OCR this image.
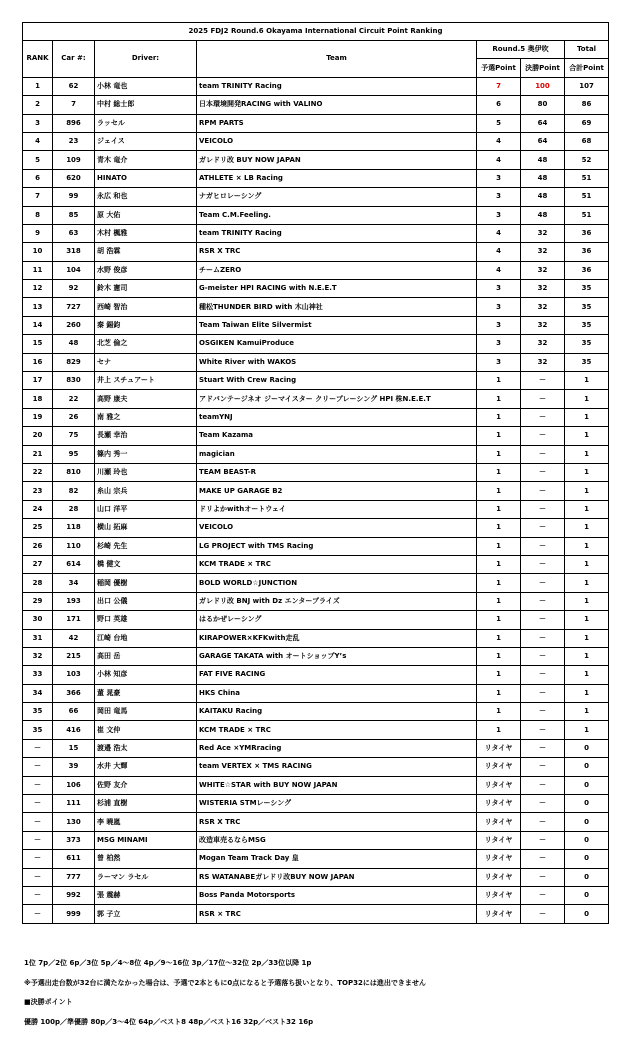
2025 FDJ2 Round.6 Okayama International Circuit Point Ranking						
RANK	Car #:	Driver:	Team	Round.5 奥伊吹		Total
				予選Point	決勝Point	合計Point
1	62	小林 竜也	team TRINITY Racing	7	100	107
2	7	中村 総士郎	日本環境開発RACING with VALINO	6	80	86
3	896	ラッセル	RPM PARTS	5	64	69
4	23	ジェイス	VEICOLO	4	64	68
5	109	青木 竜介	ガレドリ改 BUY NOW JAPAN	4	48	52
6	620	HINATO	ATHLETE × LB Racing	3	48	51
7	99	永広 和也	ナガヒロレーシング	3	48	51
8	85	原 大佑	Team C.M.Feeling.	3	48	51
9	63	木村 楓雅	team TRINITY Racing	4	32	36
10	318	胡 浩霖	RSR X TRC	4	32	36
11	104	水野 俊彦	チームZERO	4	32	36
12	92	鈴木 憲司	G-meister HPI RACING with N.E.E.T	3	32	35
13	727	西崎 智治	種松THUNDER BIRD with 木山神社	3	32	35
14	260	秦 錫鈞	Team Taiwan Elite Silvermist	3	32	35
15	48	北芝 倫之	OSGIKEN KamuiProduce	3	32	35
16	829	セナ	White River with WAKOS	3	32	35
17	830	井上 スチュアート	Stuart With Crew Racing	1	－	1
18	22	高野 康夫	アドバンテージネオ ジーマイスター クリープレーシング HPI 株N.E.E.T	1	－	1
19	26	南 雅之	teamYNJ	1	－	1
20	75	長瀬 幸治	Team Kazama	1	－	1
21	95	篠内 秀一	magician	1	－	1
22	810	川瀬 玲也	TEAM BEAST-R	1	－	1
23	82	糸山 宗兵	MAKE UP GARAGE B2	1	－	1
24	28	山口 洋平	ドリよかwithオートウェイ	1	－	1
25	118	横山 拓麻	VEICOLO	1	－	1
26	110	杉崎 先生	LG PROJECT with TMS Racing	1	－	1
27	614	橋 健文	KCM TRADE × TRC	1	－	1
28	34	稲岡 優樹	BOLD WORLD☆JUNCTION	1	－	1
29	193	出口 公儀	ガレドリ改 BNJ with Dz エンタープライズ	1	－	1
30	171	野口 英雄	はるかぜレーシング	1	－	1
31	42	江崎 台地	KIRAPOWER×KFKwith走乱	1	－	1
32	215	高田 岳	GARAGE TAKATA with オートショップY’s	1	－	1
33	103	小林 知彦	FAT FIVE RACING	1	－	1
34	366	董 晁豪	HKS China	1	－	1
35	66	岡田 竜馬	KAITAKU Racing	1	－	1
35	416	崔 文仲	KCM TRADE × TRC	1	－	1
－	15	渡邉 浩太	Red Ace ×YMRracing	リタイヤ	－	0
－	39	水井 大輝	team VERTEX × TMS RACING	リタイヤ	－	0
－	106	佐野 友介	WHITE☆STAR with BUY NOW JAPAN	リタイヤ	－	0
－	111	杉浦 直樹	WISTERIA STMレーシング	リタイヤ	－	0
－	130	李 曉嵐	RSR X TRC	リタイヤ	－	0
－	373	MSG MINAMI	改造車売るならMSG	リタイヤ	－	0
－	611	曾 柏然	Mogan Team Track Day 皇	リタイヤ	－	0
－	777	ラーマン ラセル	RS WATANABEガレドリ改BUY NOW JAPAN	リタイヤ	－	0
－	992	張 震赫	Boss Panda Motorsports	リタイヤ	－	0
－	999	郭 子立	RSR × TRC	リタイヤ	－	0
1位 7p／2位 6p／3位 5p／4～8位 4p／9～16位 3p／17位～32位 2p／33位以降 1p
※予選出走台数が32台に満たなかった場合は、予選で2本ともに0点になると予選落ち扱いとなり、TOP32には進出できません
■決勝ポイント
優勝 100p／準優勝 80p／3～4位 64p／ベスト8 48p／ベスト16 32p／ベスト32 16p
